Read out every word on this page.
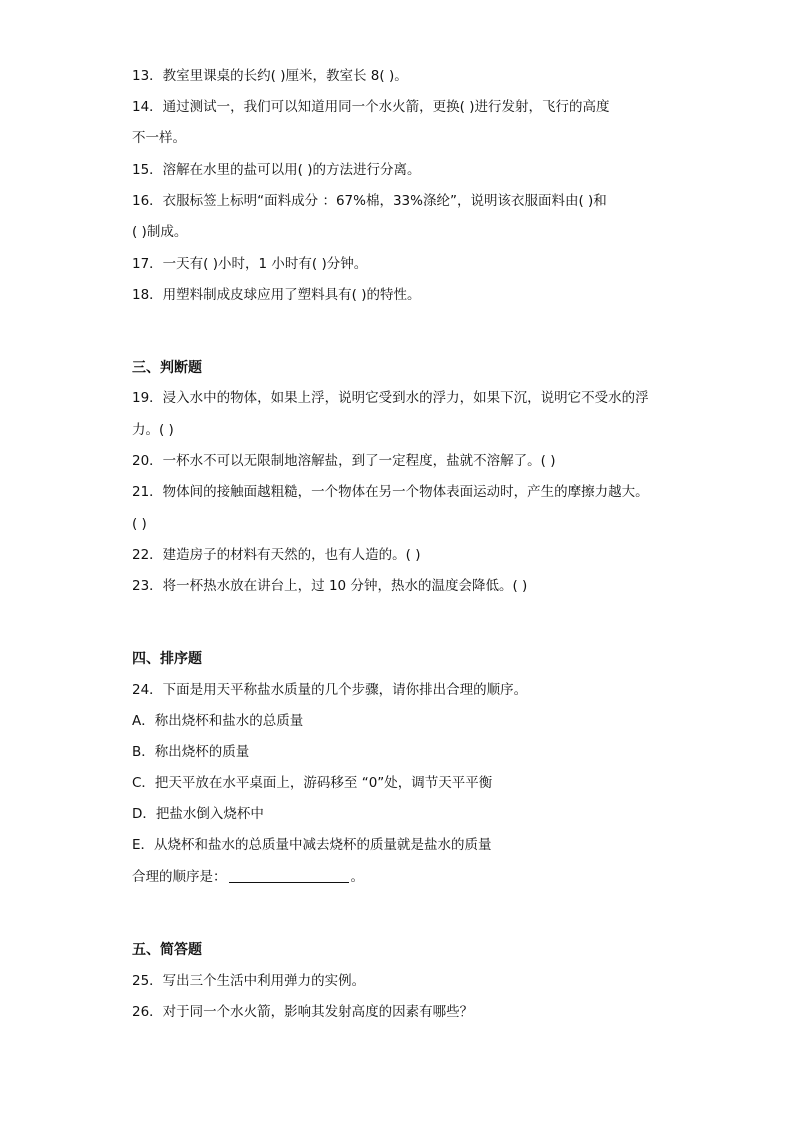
13．教室里课桌的长约( )厘米，教室长 8( )。
14．通过测试一，我们可以知道用同一个水火箭，更换( )进行发射，飞行的高度
不一样。
15．溶解在水里的盐可以用( )的方法进行分离。
16．衣服标签上标明“面料成分 ：67%棉，33%涤纶”，说明该衣服面料由( )和
( )制成。
17．一天有( )小时，1 小时有( )分钟。
18．用塑料制成皮球应用了塑料具有( )的特性。
三、判断题
19．浸入水中的物体，如果上浮，说明它受到水的浮力，如果下沉，说明它不受水的浮
力。( )
20．一杯水不可以无限制地溶解盐，到了一定程度，盐就不溶解了。( )
21．物体间的接触面越粗糙，一个物体在另一个物体表面运动时，产生的摩擦力越大。
( )
22．建造房子的材料有天然的，也有人造的。( )
23．将一杯热水放在讲台上，过 10 分钟，热水的温度会降低。( )
四、排序题
24．下面是用天平称盐水质量的几个步骤，请你排出合理的顺序。
A．称出烧杯和盐水的总质量
B．称出烧杯的质量
C．把天平放在水平桌面上，游码移至 “0”处，调节天平平衡
D．把盐水倒入烧杯中
E．从烧杯和盐水的总质量中减去烧杯的质量就是盐水的质量
合理的顺序是：	。
五、简答题
25．写出三个生活中利用弹力的实例。
26．对于同一个水火箭，影响其发射高度的因素有哪些？
